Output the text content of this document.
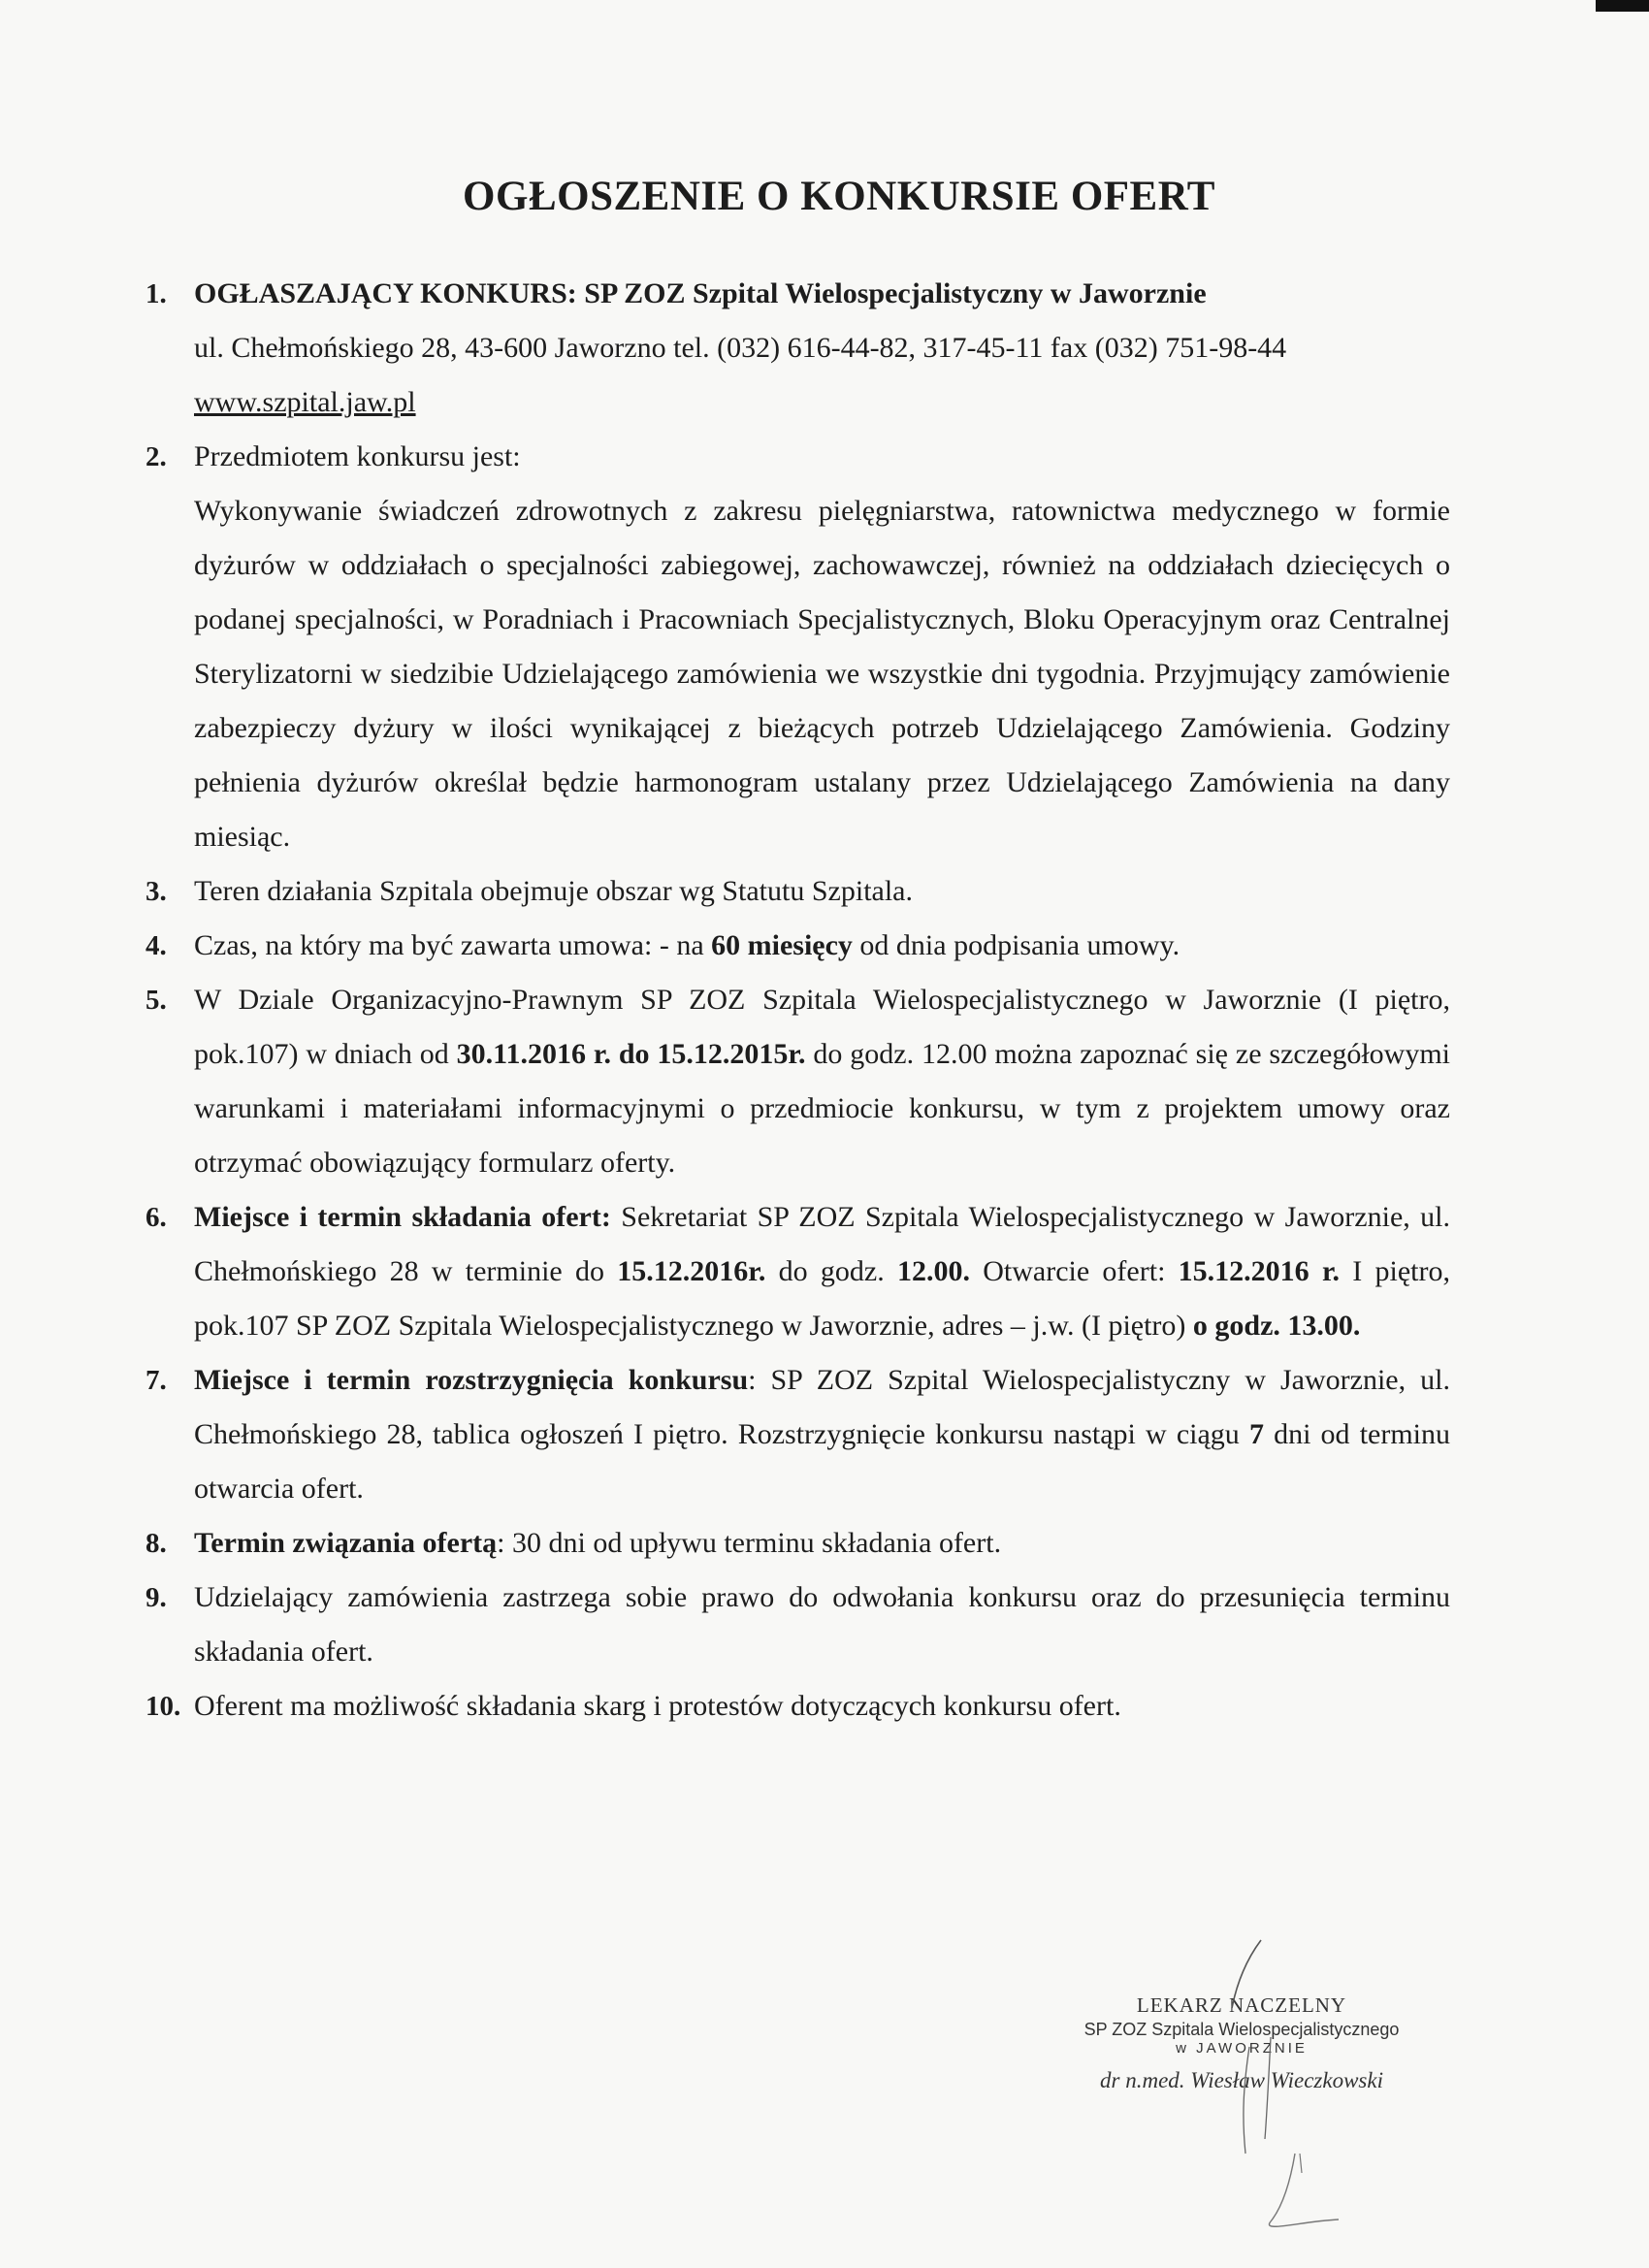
OGŁOSZENIE O KONKURSIE OFERT
1. OGŁASZAJĄCY KONKURS: SP ZOZ Szpital Wielospecjalistyczny w Jaworznie
ul. Chełmońskiego 28, 43-600 Jaworzno tel. (032) 616-44-82, 317-45-11 fax (032) 751-98-44
www.szpital.jaw.pl
2. Przedmiotem konkursu jest:
Wykonywanie świadczeń zdrowotnych z zakresu pielęgniarstwa, ratownictwa medycznego w formie dyżurów w oddziałach o specjalności zabiegowej, zachowawczej, również na oddziałach dziecięcych o podanej specjalności, w Poradniach i Pracowniach Specjalistycznych, Bloku Operacyjnym oraz Centralnej Sterylizatorni w siedzibie Udzielającego zamówienia we wszystkie dni tygodnia. Przyjmujący zamówienie zabezpieczy dyżury w ilości wynikającej z bieżących potrzeb Udzielającego Zamówienia. Godziny pełnienia dyżurów określał będzie harmonogram ustalany przez Udzielającego Zamówienia na dany miesiąc.
3. Teren działania Szpitala obejmuje obszar wg Statutu Szpitala.
4. Czas, na który ma być zawarta umowa: - na 60 miesięcy od dnia podpisania umowy.
5. W Dziale Organizacyjno-Prawnym SP ZOZ Szpitala Wielospecjalistycznego w Jaworznie (I piętro, pok.107) w dniach od 30.11.2016 r. do 15.12.2015r. do godz. 12.00 można zapoznać się ze szczegółowymi warunkami i materiałami informacyjnymi o przedmiocie konkursu, w tym z projektem umowy oraz otrzymać obowiązujący formularz oferty.
6. Miejsce i termin składania ofert: Sekretariat SP ZOZ Szpitala Wielospecjalistycznego w Jaworznie, ul. Chełmońskiego 28 w terminie do 15.12.2016r. do godz. 12.00. Otwarcie ofert: 15.12.2016 r. I piętro, pok.107 SP ZOZ Szpitala Wielospecjalistycznego w Jaworznie, adres – j.w. (I piętro) o godz. 13.00.
7. Miejsce i termin rozstrzygnięcia konkursu: SP ZOZ Szpital Wielospecjalistyczny w Jaworznie, ul. Chełmońskiego 28, tablica ogłoszeń I piętro. Rozstrzygnięcie konkursu nastąpi w ciągu 7 dni od terminu otwarcia ofert.
8. Termin związania ofertą: 30 dni od upływu terminu składania ofert.
9. Udzielający zamówienia zastrzega sobie prawo do odwołania konkursu oraz do przesunięcia terminu składania ofert.
10. Oferent ma możliwość składania skarg i protestów dotyczących konkursu ofert.
LEKARZ NACZELNY
SP ZOZ Szpitala Wielospecjalistycznego
w JAWORZNIE
dr n.med. Wiesław Wieczkowski
